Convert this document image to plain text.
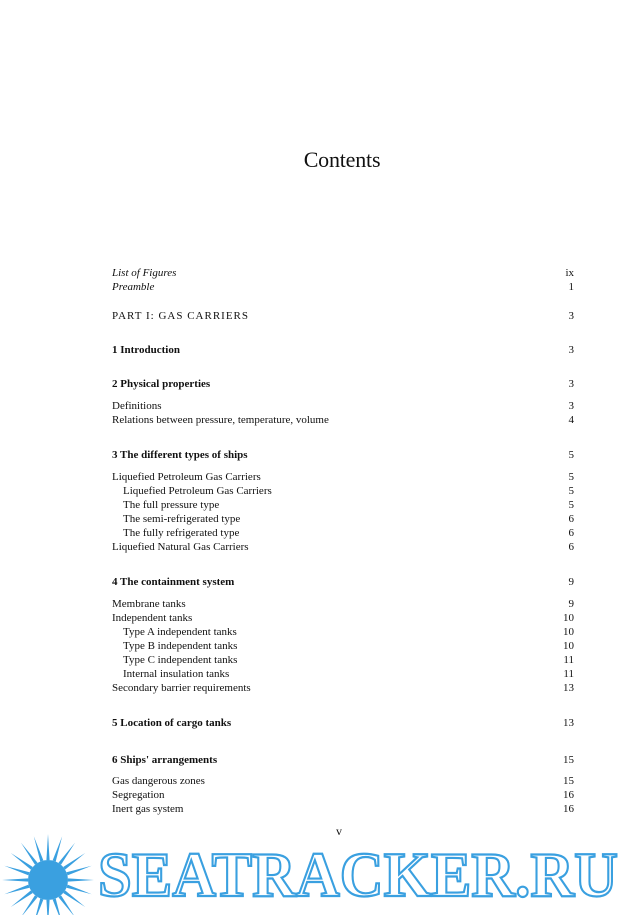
Contents
List of Figures	ix
Preamble	1
PART I: GAS CARRIERS	3
1 Introduction	3
2 Physical properties	3
Definitions	3
Relations between pressure, temperature, volume	4
3 The different types of ships	5
Liquefied Petroleum Gas Carriers	5
Liquefied Petroleum Gas Carriers	5
The full pressure type	5
The semi-refrigerated type	6
The fully refrigerated type	6
Liquefied Natural Gas Carriers	6
4 The containment system	9
Membrane tanks	9
Independent tanks	10
Type A independent tanks	10
Type B independent tanks	10
Type C independent tanks	11
Internal insulation tanks	11
Secondary barrier requirements	13
5 Location of cargo tanks	13
6 Ships' arrangements	15
Gas dangerous zones	15
Segregation	16
Inert gas system	16
v
SEATRACKER.RU
